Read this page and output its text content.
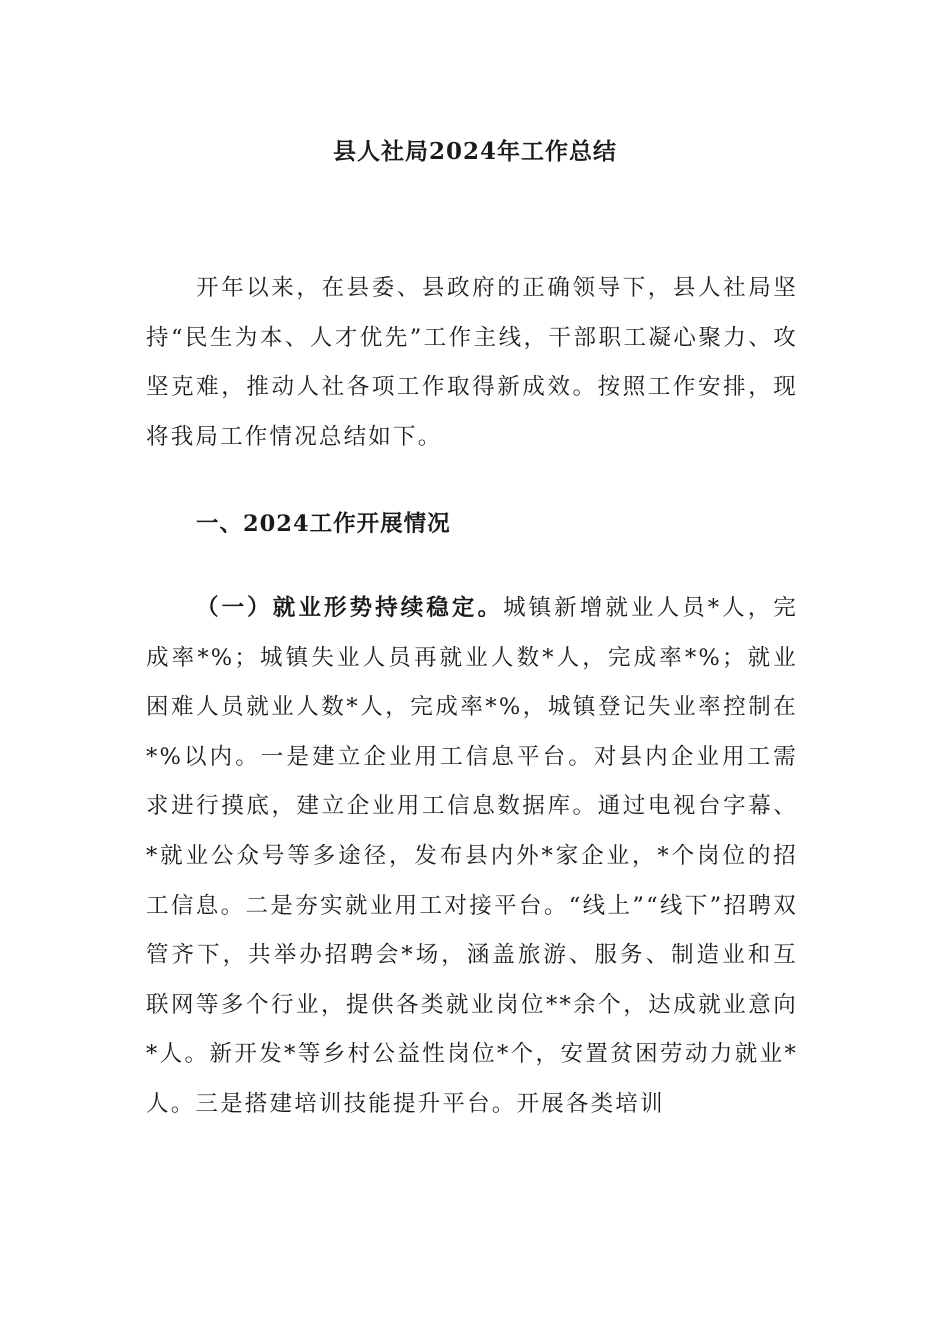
县人社局2024年工作总结
开年以来，在县委、县政府的正确领导下，县人社局坚持“民生为本、人才优先”工作主线，干部职工凝心聚力、攻坚克难，推动人社各项工作取得新成效。按照工作安排，现将我局工作情况总结如下。
一、2024工作开展情况
（一）就业形势持续稳定。城镇新增就业人员*人，完成率*%；城镇失业人员再就业人数*人，完成率*%；就业困难人员就业人数*人，完成率*%，城镇登记失业率控制在*%以内。一是建立企业用工信息平台。对县内企业用工需求进行摸底，建立企业用工信息数据库。通过电视台字幕、*就业公众号等多途径，发布县内外*家企业，*个岗位的招工信息。二是夯实就业用工对接平台。“线上”“线下”招聘双管齐下，共举办招聘会*场，涵盖旅游、服务、制造业和互联网等多个行业，提供各类就业岗位**余个，达成就业意向*人。新开发*等乡村公益性岗位*个，安置贫困劳动力就业*人。三是搭建培训技能提升平台。开展各类培训
